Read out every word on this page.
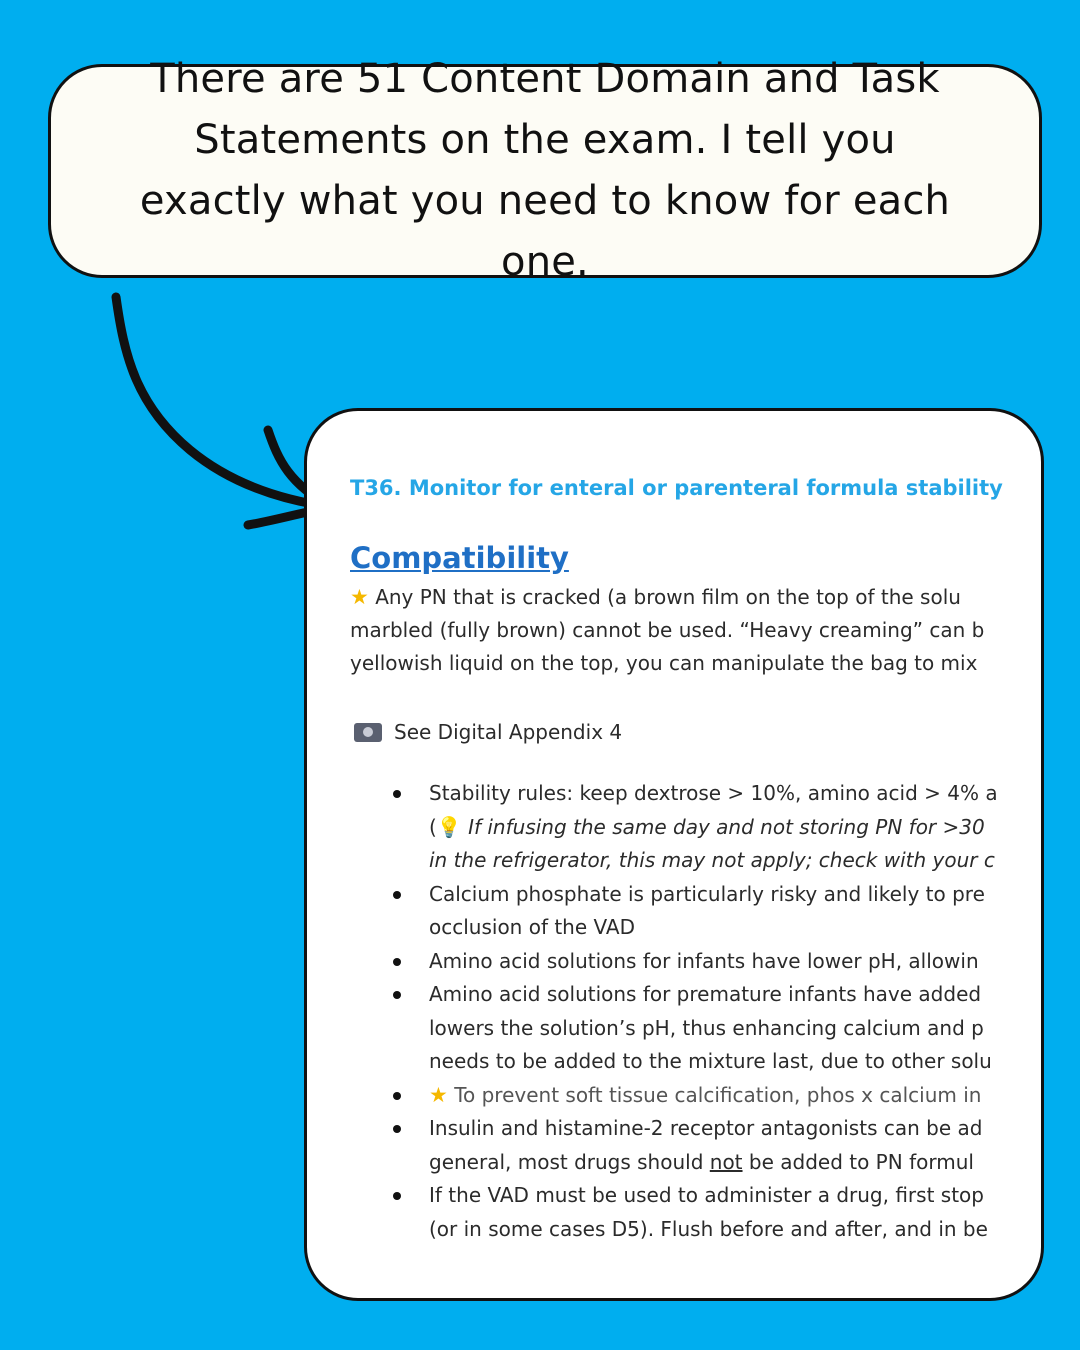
There are 51 Content Domain and Task Statements on the exam. I tell you exactly what you need to know for each one.
T36. Monitor for enteral or parenteral formula stability
Compatibility
★ Any PN that is cracked (a brown film on the top of the solu
marbled (fully brown) cannot be used. “Heavy creaming” can b
yellowish liquid on the top, you can manipulate the bag to mix
See Digital Appendix 4
Stability rules: keep dextrose > 10%, amino acid > 4% a
(💡 If infusing the same day and not storing PN for >30
in the refrigerator, this may not apply; check with your c
Calcium phosphate is particularly risky and likely to pre
occlusion of the VAD
Amino acid solutions for infants have lower pH, allowin
Amino acid solutions for premature infants have added
lowers the solution’s pH, thus enhancing calcium and p
needs to be added to the mixture last, due to other solu
★ To prevent soft tissue calcification, phos x calcium in
Insulin and histamine-2 receptor antagonists can be ad
general, most drugs should not be added to PN formul
If the VAD must be used to administer a drug, first stop
(or in some cases D5). Flush before and after, and in be
